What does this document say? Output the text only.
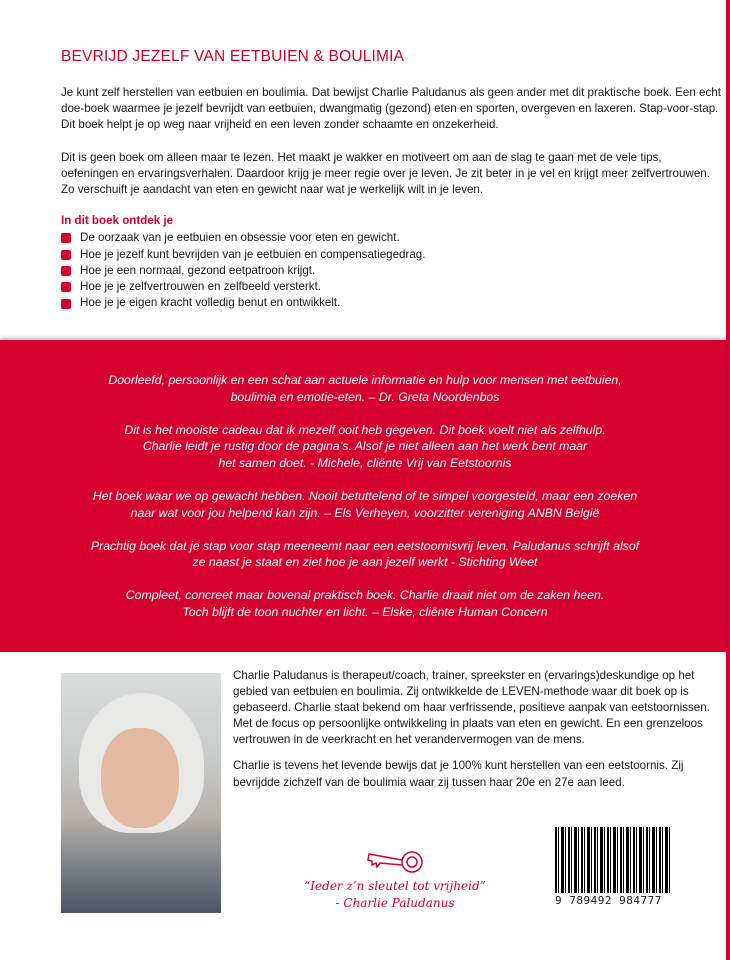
BEVRIJD JEZELF VAN EETBUIEN & BOULIMIA

Je kunt zelf herstellen van eetbuien en boulimia. Dat bewijst Charlie Paludanus als geen ander met dit praktische boek. Een echt doe-boek waarmee je jezelf bevrijdt van eetbuien, dwangmatig (gezond) eten en sporten, overgeven en laxeren. Stap-voor-stap. Dit boek helpt je op weg naar vrijheid en een leven zonder schaamte en onzekerheid.

Dit is geen boek om alleen maar te lezen. Het maakt je wakker en motiveert om aan de slag te gaan met de vele tips, oefeningen en ervaringsverhalen. Daardoor krijg je meer regie over je leven. Je zit beter in je vel en krijgt meer zelfvertrouwen. Zo verschuift je aandacht van eten en gewicht naar wat je werkelijk wilt in je leven.

In dit boek ontdek je
De oorzaak van je eetbuien en obsessie voor eten en gewicht.
Hoe je jezelf kunt bevrijden van je eetbuien en compensatiegedrag.
Hoe je een normaal, gezond eetpatroon krijgt.
Hoe je je zelfvertrouwen en zelfbeeld versterkt.
Hoe je je eigen kracht volledig benut en ontwikkelt.
Doorleefd, persoonlijk en een schat aan actuele informatie en hulp voor mensen met eetbuien,
boulimia en emotie-eten. – Dr. Greta Noordenbos
Dit is het mooiste cadeau dat ik mezelf ooit heb gegeven. Dit boek voelt niet als zelfhulp.
Charlie leidt je rustig door de pagina’s. Alsof je niet alleen aan het werk bent maar
het samen doet. - Michele, cliënte Vrij van Eetstoornis
Het boek waar we op gewacht hebben. Nooit betuttelend of te simpel voorgesteld, maar een zoeken
naar wat voor jou helpend kan zijn. – Els Verheyen, voorzitter vereniging ANBN België
Prachtig boek dat je stap voor stap meeneemt naar een eetstoornisvrij leven. Paludanus schrijft alsof
ze naast je staat en ziet hoe je aan jezelf werkt - Stichting Weet
Compleet, concreet maar bovenal praktisch boek. Charlie draait niet om de zaken heen.
Toch blijft de toon nuchter en licht. – Elske, cliënte Human Concern

Charlie Paludanus is therapeut/coach, trainer, spreekster en (ervarings)deskundige op het gebied van eetbuien en boulimia. Zij ontwikkelde de LEVEN-methode waar dit boek op is gebaseerd. Charlie staat bekend om haar verfrissende, positieve aanpak van eetstoornissen. Met de focus op persoonlijke ontwikkeling in plaats van eten en gewicht. En een grenzeloos vertrouwen in de veerkracht en het verandervermogen van de mens.

Charlie is tevens het levende bewijs dat je 100% kunt herstellen van een eetstoornis. Zij bevrijdde zichzelf van de boulimia waar zij tussen haar 20e en 27e aan leed.

“Ieder z’n sleutel tot vrijheid”
- Charlie Paludanus	9 789492 984777
